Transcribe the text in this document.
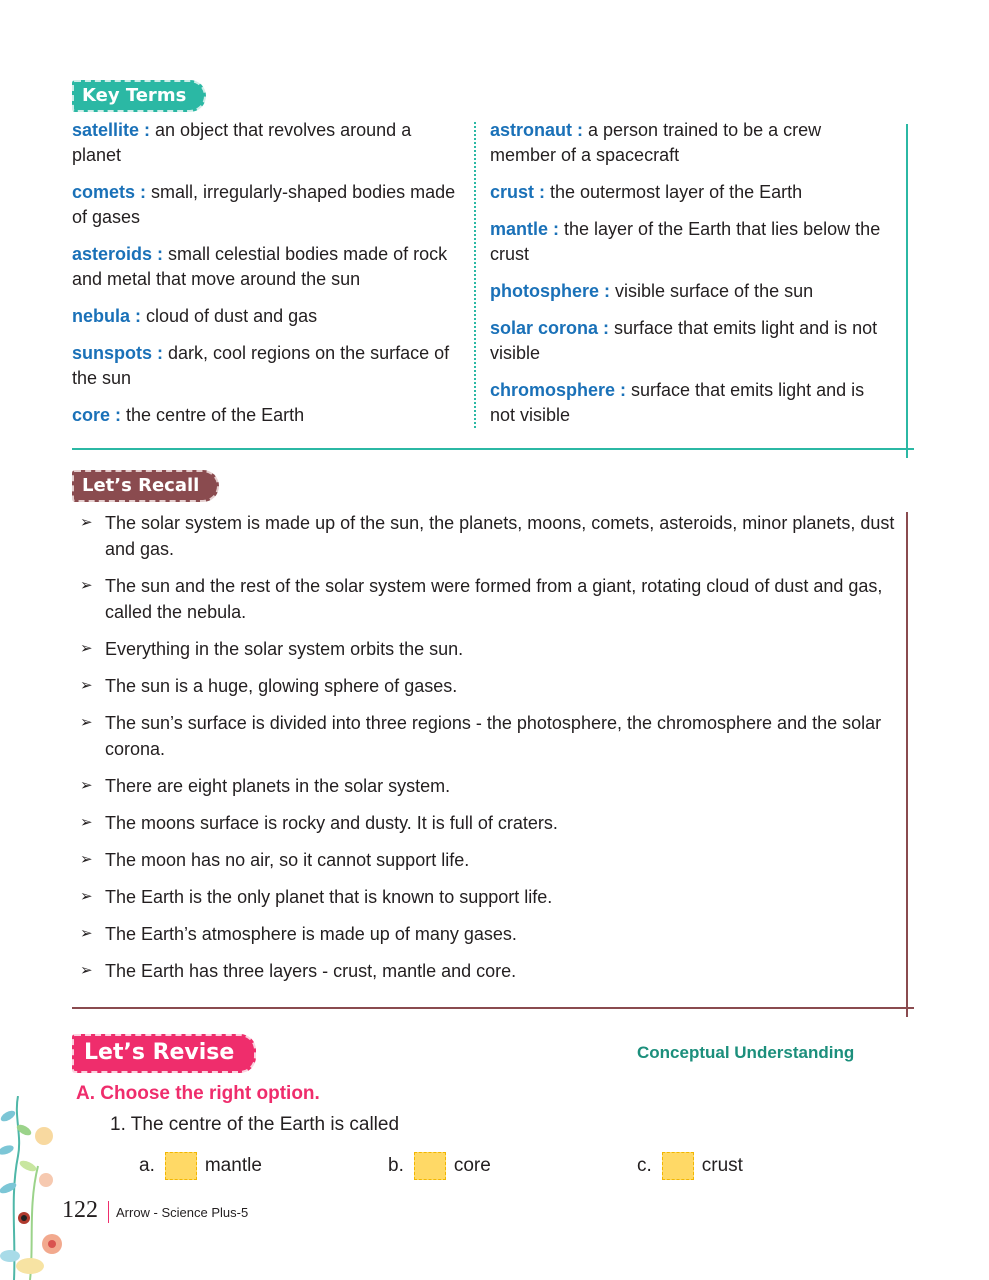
Key Terms
satellite : an object that revolves around a planet
comets : small, irregularly-shaped bodies made of gases
asteroids : small celestial bodies made of rock and metal that move around the sun
nebula : cloud of dust and gas
sunspots : dark, cool regions on the surface of the sun
core : the centre of the Earth
astronaut : a person trained to be a crew member of a spacecraft
crust : the outermost layer of the Earth
mantle : the layer of the Earth that lies below the crust
photosphere : visible surface of the sun
solar corona : surface that emits light and is not visible
chromosphere : surface that emits light and is not visible
Let’s Recall
➢ The solar system is made up of the sun, the planets, moons, comets, asteroids, minor planets, dust and gas.
➢ The sun and the rest of the solar system were formed from a giant, rotating cloud of dust and gas, called the nebula.
➢ Everything in the solar system orbits the sun.
➢ The sun is a huge, glowing sphere of gases.
➢ The sun’s surface is divided into three regions - the photosphere, the chromosphere and the solar corona.
➢ There are eight planets in the solar system.
➢ The moons surface is rocky and dusty. It is full of craters.
➢ The moon has no air, so it cannot support life.
➢ The Earth is the only planet that is known to support life.
➢ The Earth’s atmosphere is made up of many gases.
➢ The Earth has three layers - crust, mantle and core.
Let’s Revise	Conceptual Understanding
A. Choose the right option.
1. The centre of the Earth is called
a.	mantle	b.	core	c.	crust
122 Arrow - Science Plus-5
